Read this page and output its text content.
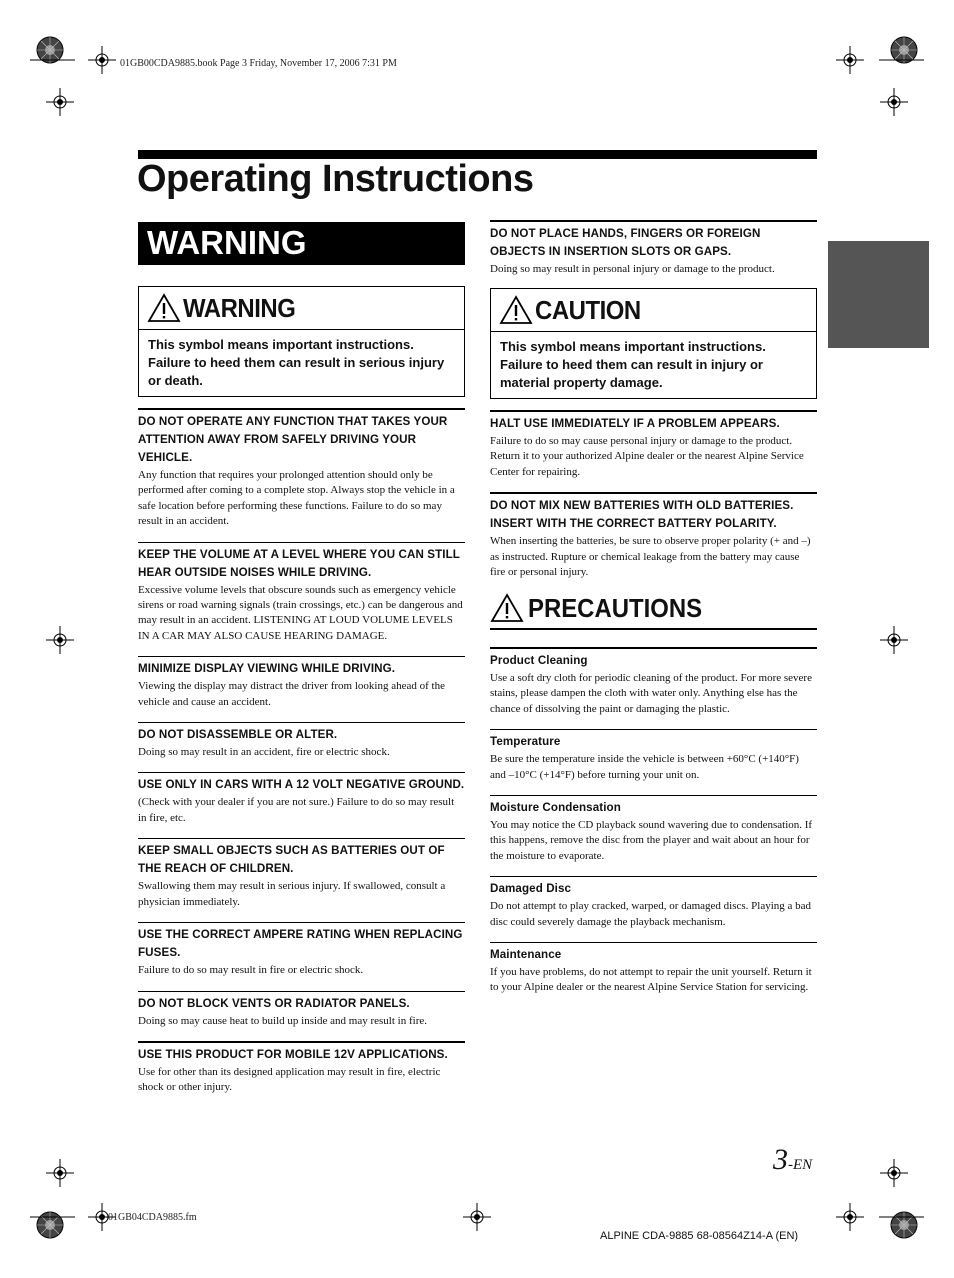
01GB00CDA9885.book Page 3 Friday, November 17, 2006 7:31 PM
01GB04CDA9885.fm
Operating Instructions
WARNING
WARNING
This symbol means important instructions. Failure to heed them can result in serious injury or death.
DO NOT OPERATE ANY FUNCTION THAT TAKES YOUR ATTENTION AWAY FROM SAFELY DRIVING YOUR VEHICLE.
Any function that requires your prolonged attention should only be performed after coming to a complete stop. Always stop the vehicle in a safe location before performing these functions. Failure to do so may result in an accident.
KEEP THE VOLUME AT A LEVEL WHERE YOU CAN STILL HEAR OUTSIDE NOISES WHILE DRIVING.
Excessive volume levels that obscure sounds such as emergency vehicle sirens or road warning signals (train crossings, etc.) can be dangerous and may result in an accident. LISTENING AT LOUD VOLUME LEVELS IN A CAR MAY ALSO CAUSE HEARING DAMAGE.
MINIMIZE DISPLAY VIEWING WHILE DRIVING.
Viewing the display may distract the driver from looking ahead of the vehicle and cause an accident.
DO NOT DISASSEMBLE OR ALTER.
Doing so may result in an accident, fire or electric shock.
USE ONLY IN CARS WITH A 12 VOLT NEGATIVE GROUND.
(Check with your dealer if you are not sure.) Failure to do so may result in fire, etc.
KEEP SMALL OBJECTS SUCH AS BATTERIES OUT OF THE REACH OF CHILDREN.
Swallowing them may result in serious injury. If swallowed, consult a physician immediately.
USE THE CORRECT AMPERE RATING WHEN REPLACING FUSES.
Failure to do so may result in fire or electric shock.
DO NOT BLOCK VENTS OR RADIATOR PANELS.
Doing so may cause heat to build up inside and may result in fire.
USE THIS PRODUCT FOR MOBILE 12V APPLICATIONS.
Use for other than its designed application may result in fire, electric shock or other injury.
DO NOT PLACE HANDS, FINGERS OR FOREIGN OBJECTS IN INSERTION SLOTS OR GAPS.
Doing so may result in personal injury or damage to the product.
CAUTION
This symbol means important instructions. Failure to heed them can result in injury or material property damage.
HALT USE IMMEDIATELY IF A PROBLEM APPEARS.
Failure to do so may cause personal injury or damage to the product. Return it to your authorized Alpine dealer or the nearest Alpine Service Center for repairing.
DO NOT MIX NEW BATTERIES WITH OLD BATTERIES. INSERT WITH THE CORRECT BATTERY POLARITY.
When inserting the batteries, be sure to observe proper polarity (+ and –) as instructed. Rupture or chemical leakage from the battery may cause fire or personal injury.
PRECAUTIONS
Product Cleaning
Use a soft dry cloth for periodic cleaning of the product. For more severe stains, please dampen the cloth with water only. Anything else has the chance of dissolving the paint or damaging the plastic.
Temperature
Be sure the temperature inside the vehicle is between +60°C (+140°F) and –10°C (+14°F) before turning your unit on.
Moisture Condensation
You may notice the CD playback sound wavering due to condensation. If this happens, remove the disc from the player and wait about an hour for the moisture to evaporate.
Damaged Disc
Do not attempt to play cracked, warped, or damaged discs. Playing a bad disc could severely damage the playback mechanism.
Maintenance
If you have problems, do not attempt to repair the unit yourself. Return it to your Alpine dealer or the nearest Alpine Service Station for servicing.
3-EN
ALPINE CDA-9885 68-08564Z14-A (EN)
